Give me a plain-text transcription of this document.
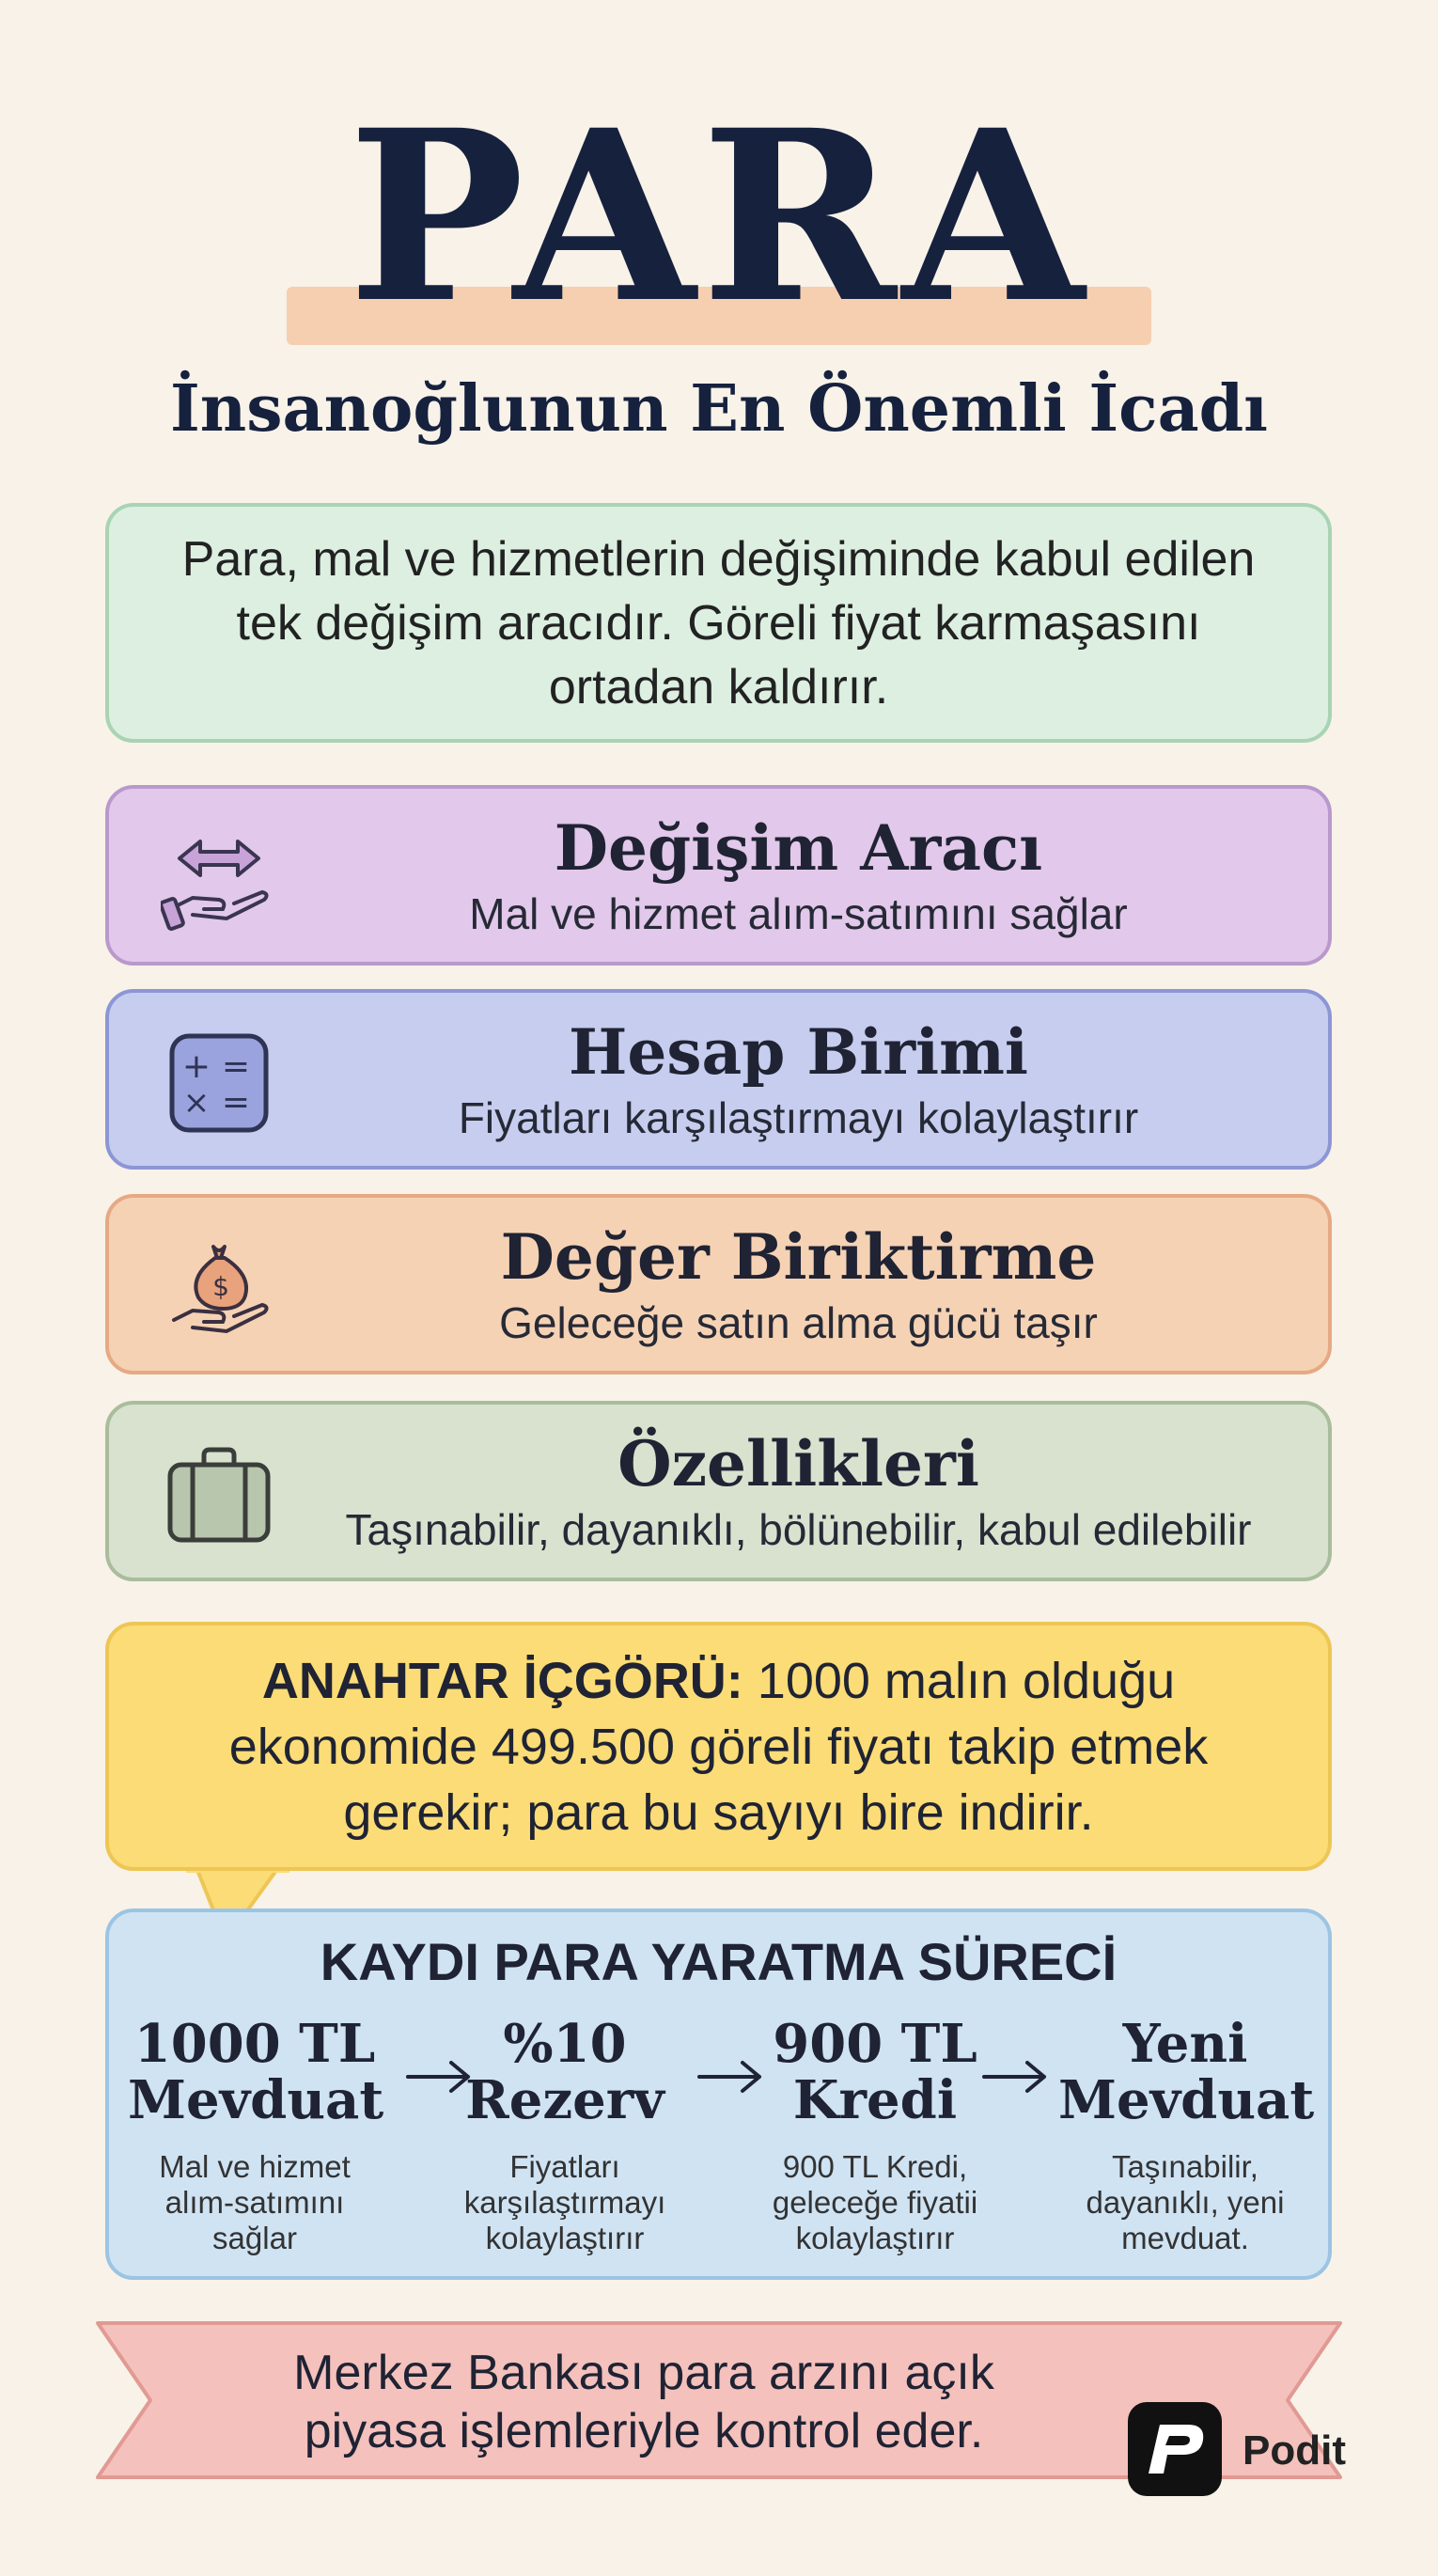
PARA
İnsanoğlunun En Önemli İcadı
Para, mal ve hizmetlerin değişiminde kabul edilen tek değişim aracıdır. Göreli fiyat karmaşasını ortadan kaldırır.
Değişim Aracı
Mal ve hizmet alım-satımını sağlar
+ =
× =
Hesap Birimi
Fiyatları karşılaştırmayı kolaylaştırır
$	Değer Biriktirme
Geleceğe satın alma gücü taşır
Özellikleri
Taşınabilir, dayanıklı, bölünebilir, kabul edilebilir
ANAHTAR İÇGÖRÜ: 1000 malın olduğu ekonomide 499.500 göreli fiyatı takip etmek gerekir; para bu sayıyı bire indirir.
KAYDI PARA YARATMA SÜRECİ
1000 TL
Mevduat
Mal ve hizmet alım-satımını sağlar
%10
Rezerv
Fiyatları karşılaştırmayı kolaylaştırır
900 TL
Kredi
900 TL Kredi, geleceğe fiyatii kolaylaştırır
Yeni
Mevduat
Taşınabilir, dayanıklı, yeni mevduat.
Merkez Bankası para arzını açık piyasa işlemleriyle kontrol eder.	Podit
